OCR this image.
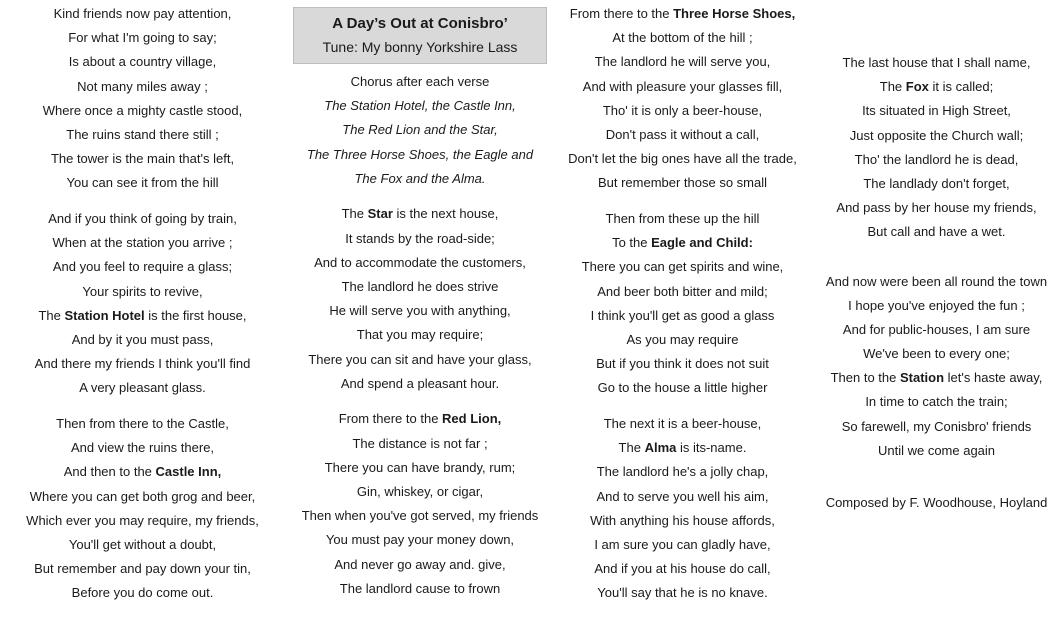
Kind friends now pay attention,
For what I'm going to say;
Is about a country village,
Not many miles away ;
Where once a mighty castle stood,
The ruins stand there still ;
The tower is the main that's left,
You can see it from the hill
And if you think of going by train,
When at the station you arrive ;
And you feel to require a glass;
Your spirits to revive,
The Station Hotel is the first house,
And by it you must pass,
And there my friends I think you'll find
A very pleasant glass.
Then from there to the Castle,
And view the ruins there,
And then to the Castle Inn,
Where you can get both grog and beer,
Which ever you may require, my friends,
You'll get without a doubt,
But remember and pay down your tin,
Before you do come out.
A Day’s Out at Conisbro’
Tune: My bonny Yorkshire Lass
Chorus after each verse
The Station Hotel, the Castle Inn,
The Red Lion and the Star,
The Three Horse Shoes, the Eagle and
The Fox and the Alma.
The Star is the next house,
It stands by the road-side;
And to accommodate the customers,
The landlord he does strive
He will serve you with anything,
That you may require;
There you can sit and have your glass,
And spend a pleasant hour.
From there to the Red Lion,
The distance is not far ;
There you can have brandy, rum;
Gin, whiskey, or cigar,
Then when you've got served, my friends
You must pay your money down,
And never go away and. give,
The landlord cause to frown
From there to the Three Horse Shoes,
At the bottom of the hill ;
The landlord he will serve you,
And with pleasure your glasses fill,
Tho' it is only a beer-house,
Don't pass it without a call,
Don't let the big ones have all the trade,
But remember those so small
Then from these up the hill
To the Eagle and Child:
There you can get spirits and wine,
And beer both bitter and mild;
I think you'll get as good a glass
As you may require
But if you think it does not suit
Go to the house a little higher
The next it is a beer-house,
The Alma is its-name.
The landlord he's a jolly chap,
And to serve you well his aim,
With anything his house affords,
I am sure you can gladly have,
And if you at his house do call,
You'll say that he is no knave.
The last house that I shall name,
The Fox it is called;
Its situated in High Street,
Just opposite the Church wall;
Tho' the landlord he is dead,
The landlady don't forget,
And pass by her house my friends,
But call and have a wet.
And now were been all round the town
I hope you've enjoyed the fun ;
And for public-houses, I am sure
We've been to every one;
Then to the Station let's haste away,
In time to catch the train;
So farewell, my Conisbro' friends
Until we come again
Composed by F. Woodhouse, Hoyland
